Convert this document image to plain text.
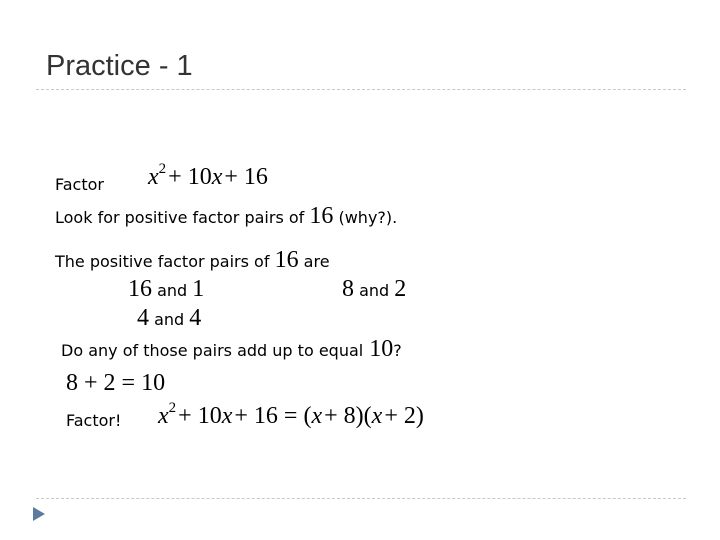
Practice - 1
Factor $x^2$ + 10x + 16
Look for positive factor pairs of 16 (why?).
The positive factor pairs of 16 are
16 and 1	8 and 2
4 and 4
Do any of those pairs add up to equal 10?
8 + 2 = 10
Factor! $x^2$ + 10x + 16 = (x + 8)(x + 2)
